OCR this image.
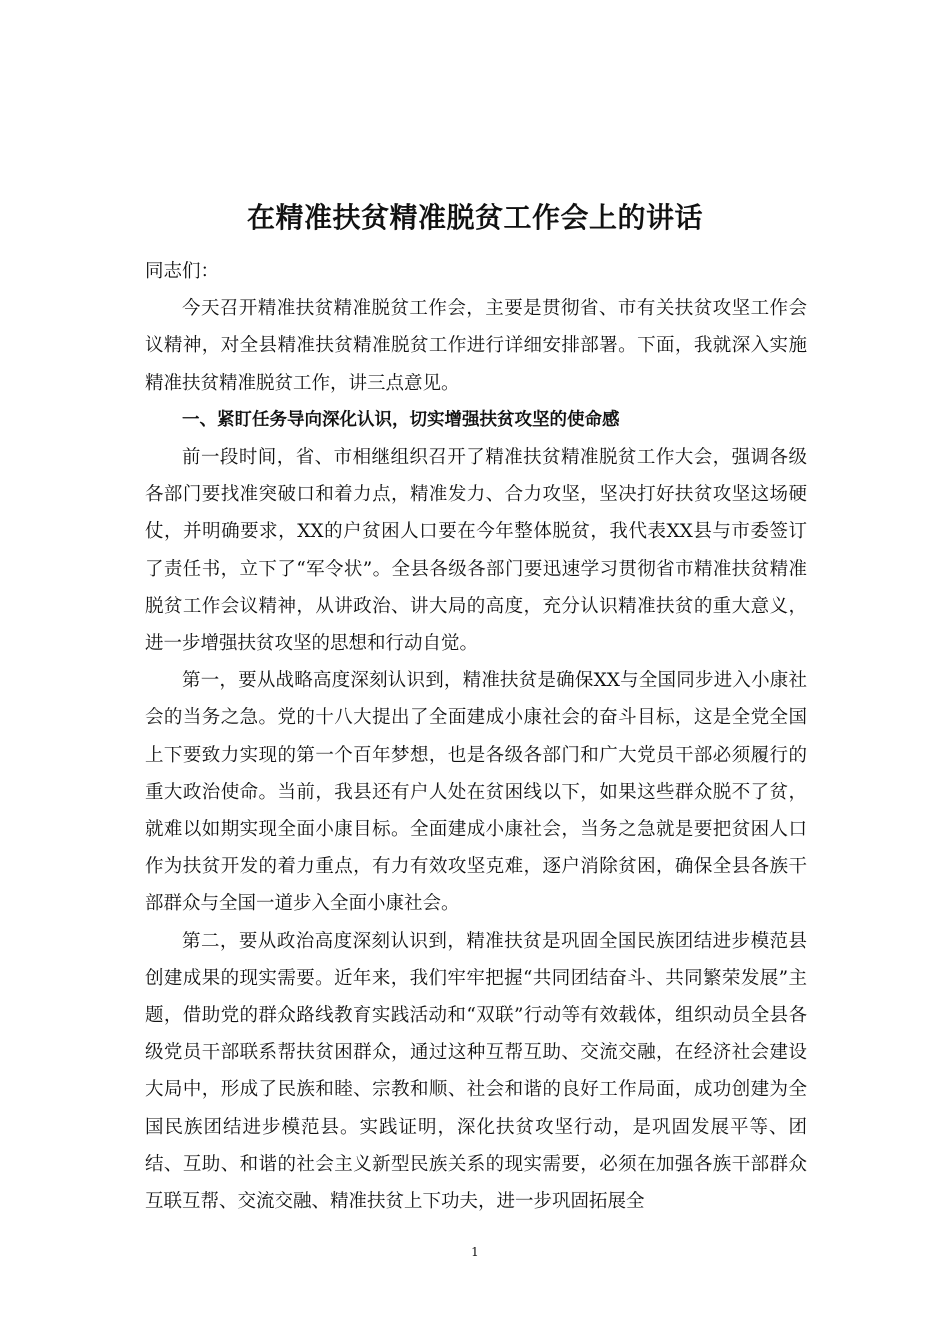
在精准扶贫精准脱贫工作会上的讲话

同志们：

今天召开精准扶贫精准脱贫工作会，主要是贯彻省、市有关扶贫攻坚工作会议精神，对全县精准扶贫精准脱贫工作进行详细安排部署。下面，我就深入实施精准扶贫精准脱贫工作，讲三点意见。

一、紧盯任务导向深化认识，切实增强扶贫攻坚的使命感

前一段时间，省、市相继组织召开了精准扶贫精准脱贫工作大会，强调各级各部门要找准突破口和着力点，精准发力、合力攻坚，坚决打好扶贫攻坚这场硬仗，并明确要求，XX的户贫困人口要在今年整体脱贫，我代表XX县与市委签订了责任书，立下了“军令状”。全县各级各部门要迅速学习贯彻省市精准扶贫精准脱贫工作会议精神，从讲政治、讲大局的高度，充分认识精准扶贫的重大意义，进一步增强扶贫攻坚的思想和行动自觉。

第一，要从战略高度深刻认识到，精准扶贫是确保XX与全国同步进入小康社会的当务之急。党的十八大提出了全面建成小康社会的奋斗目标，这是全党全国上下要致力实现的第一个百年梦想，也是各级各部门和广大党员干部必须履行的重大政治使命。当前，我县还有户人处在贫困线以下，如果这些群众脱不了贫，就难以如期实现全面小康目标。全面建成小康社会，当务之急就是要把贫困人口作为扶贫开发的着力重点，有力有效攻坚克难，逐户消除贫困，确保全县各族干部群众与全国一道步入全面小康社会。

第二，要从政治高度深刻认识到，精准扶贫是巩固全国民族团结进步模范县创建成果的现实需要。近年来，我们牢牢把握“共同团结奋斗、共同繁荣发展”主题，借助党的群众路线教育实践活动和“双联”行动等有效载体，组织动员全县各级党员干部联系帮扶贫困群众，通过这种互帮互助、交流交融，在经济社会建设大局中，形成了民族和睦、宗教和顺、社会和谐的良好工作局面，成功创建为全国民族团结进步模范县。实践证明，深化扶贫攻坚行动，是巩固发展平等、团结、互助、和谐的社会主义新型民族关系的现实需要，必须在加强各族干部群众互联互帮、交流交融、精准扶贫上下功夫，进一步巩固拓展全

1
